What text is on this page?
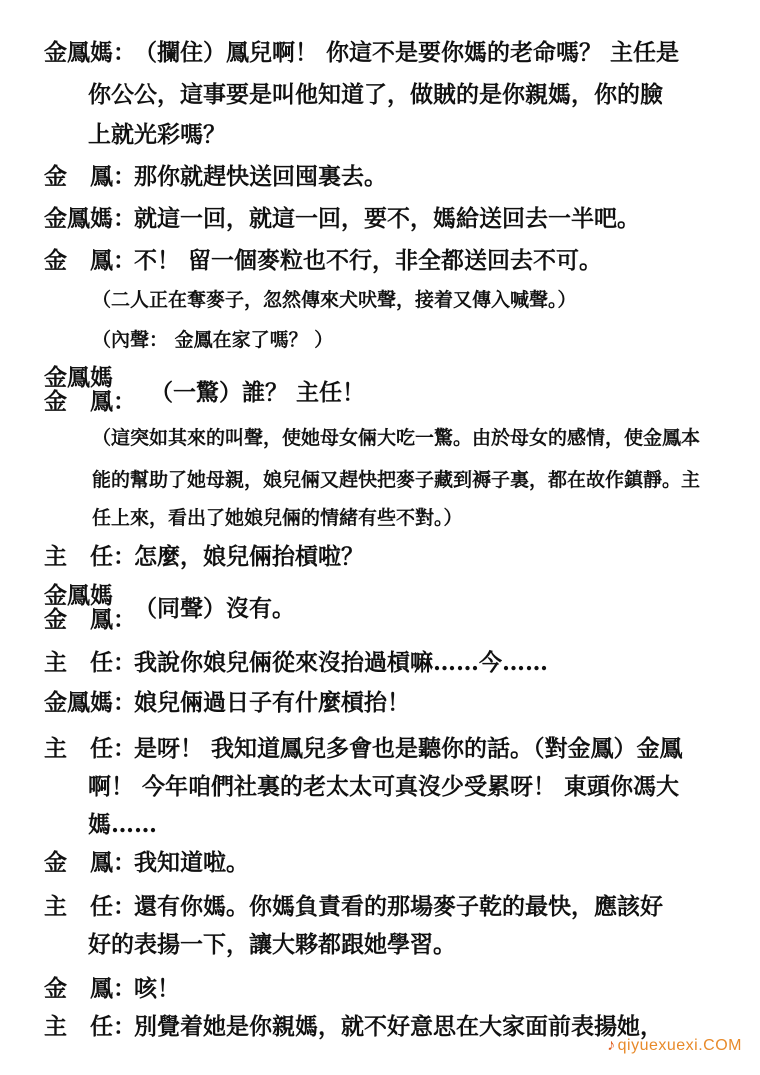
金鳳媽：
（攔住）鳳兒啊！ 你這不是要你媽的老命嗎？ 主任是
你公公，這事要是叫他知道了，做賊的是你親媽，你的臉
上就光彩嗎？
金　鳳：
那你就趕快送回囤裏去。
金鳳媽：
就這一回，就這一回，要不，媽給送回去一半吧。
金　鳳：
不！ 留一個麥粒也不行，非全都送回去不可。
（二人正在奪麥子，忽然傳來犬吠聲，接着又傳入喊聲。）
（內聲： 金鳳在家了嗎？ ）
金鳳媽
金　鳳： （一驚）誰？ 主任！
（這突如其來的叫聲，使她母女倆大吃一驚。由於母女的感情，使金鳳本
能的幫助了她母親，娘兒倆又趕快把麥子藏到褥子裏，都在故作鎮靜。主
任上來，看出了她娘兒倆的情緒有些不對。）
主　任：
怎麼，娘兒倆抬槓啦？
金鳳媽
金　鳳：
（同聲）沒有。
主　任：
我說你娘兒倆從來沒抬過槓嘛……今……
金鳳媽：
娘兒倆過日子有什麼槓抬！
主　任：
是呀！ 我知道鳳兒多會也是聽你的話。（對金鳳）金鳳
啊！ 今年咱們社裏的老太太可真沒少受累呀！ 東頭你馮大
媽……
金　鳳：
我知道啦。
主　任：
還有你媽。你媽負責看的那場麥子乾的最快，應該好
好的表揚一下，讓大夥都跟她學習。
金　鳳：
咳！
主　任：
別覺着她是你親媽，就不好意思在大家面前表揚她，
♪ qiyuexuexi.COM
